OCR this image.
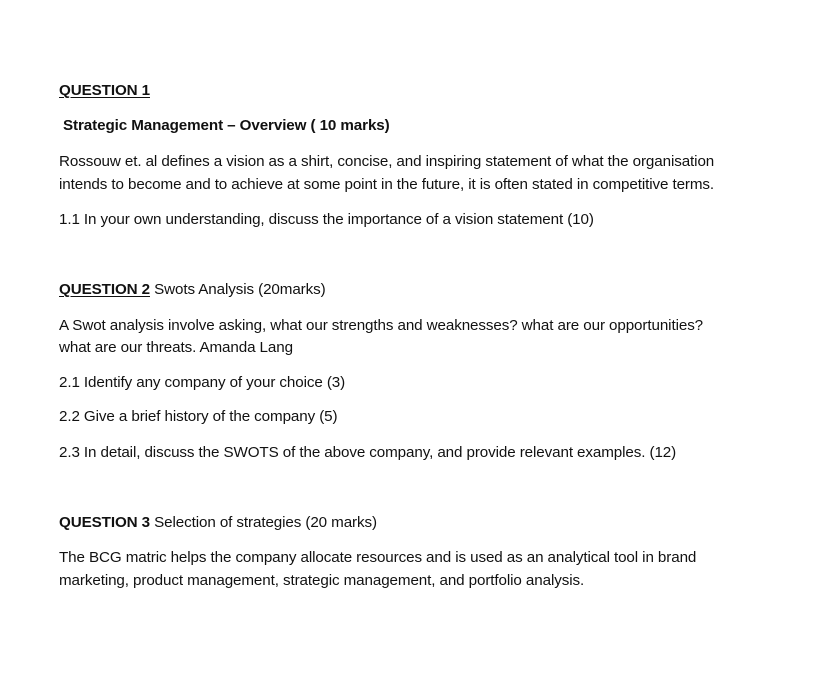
QUESTION 1
Strategic Management – Overview ( 10 marks)
Rossouw et. al defines a vision as a shirt, concise, and inspiring statement of what the organisation
intends to become and to achieve at some point in the future, it is often stated in competitive terms.
1.1 In your own understanding, discuss the importance of a vision statement (10)
QUESTION 2 Swots Analysis (20marks)
A Swot analysis involve asking, what our strengths and weaknesses? what are our opportunities?
what are our threats. Amanda Lang
2.1 Identify any company of your choice (3)
2.2 Give a brief history of the company (5)
2.3 In detail, discuss the SWOTS of the above company, and provide relevant examples. (12)
QUESTION 3 Selection of strategies (20 marks)
The BCG matric helps the company allocate resources and is used as an analytical tool in brand
marketing, product management, strategic management, and portfolio analysis.
